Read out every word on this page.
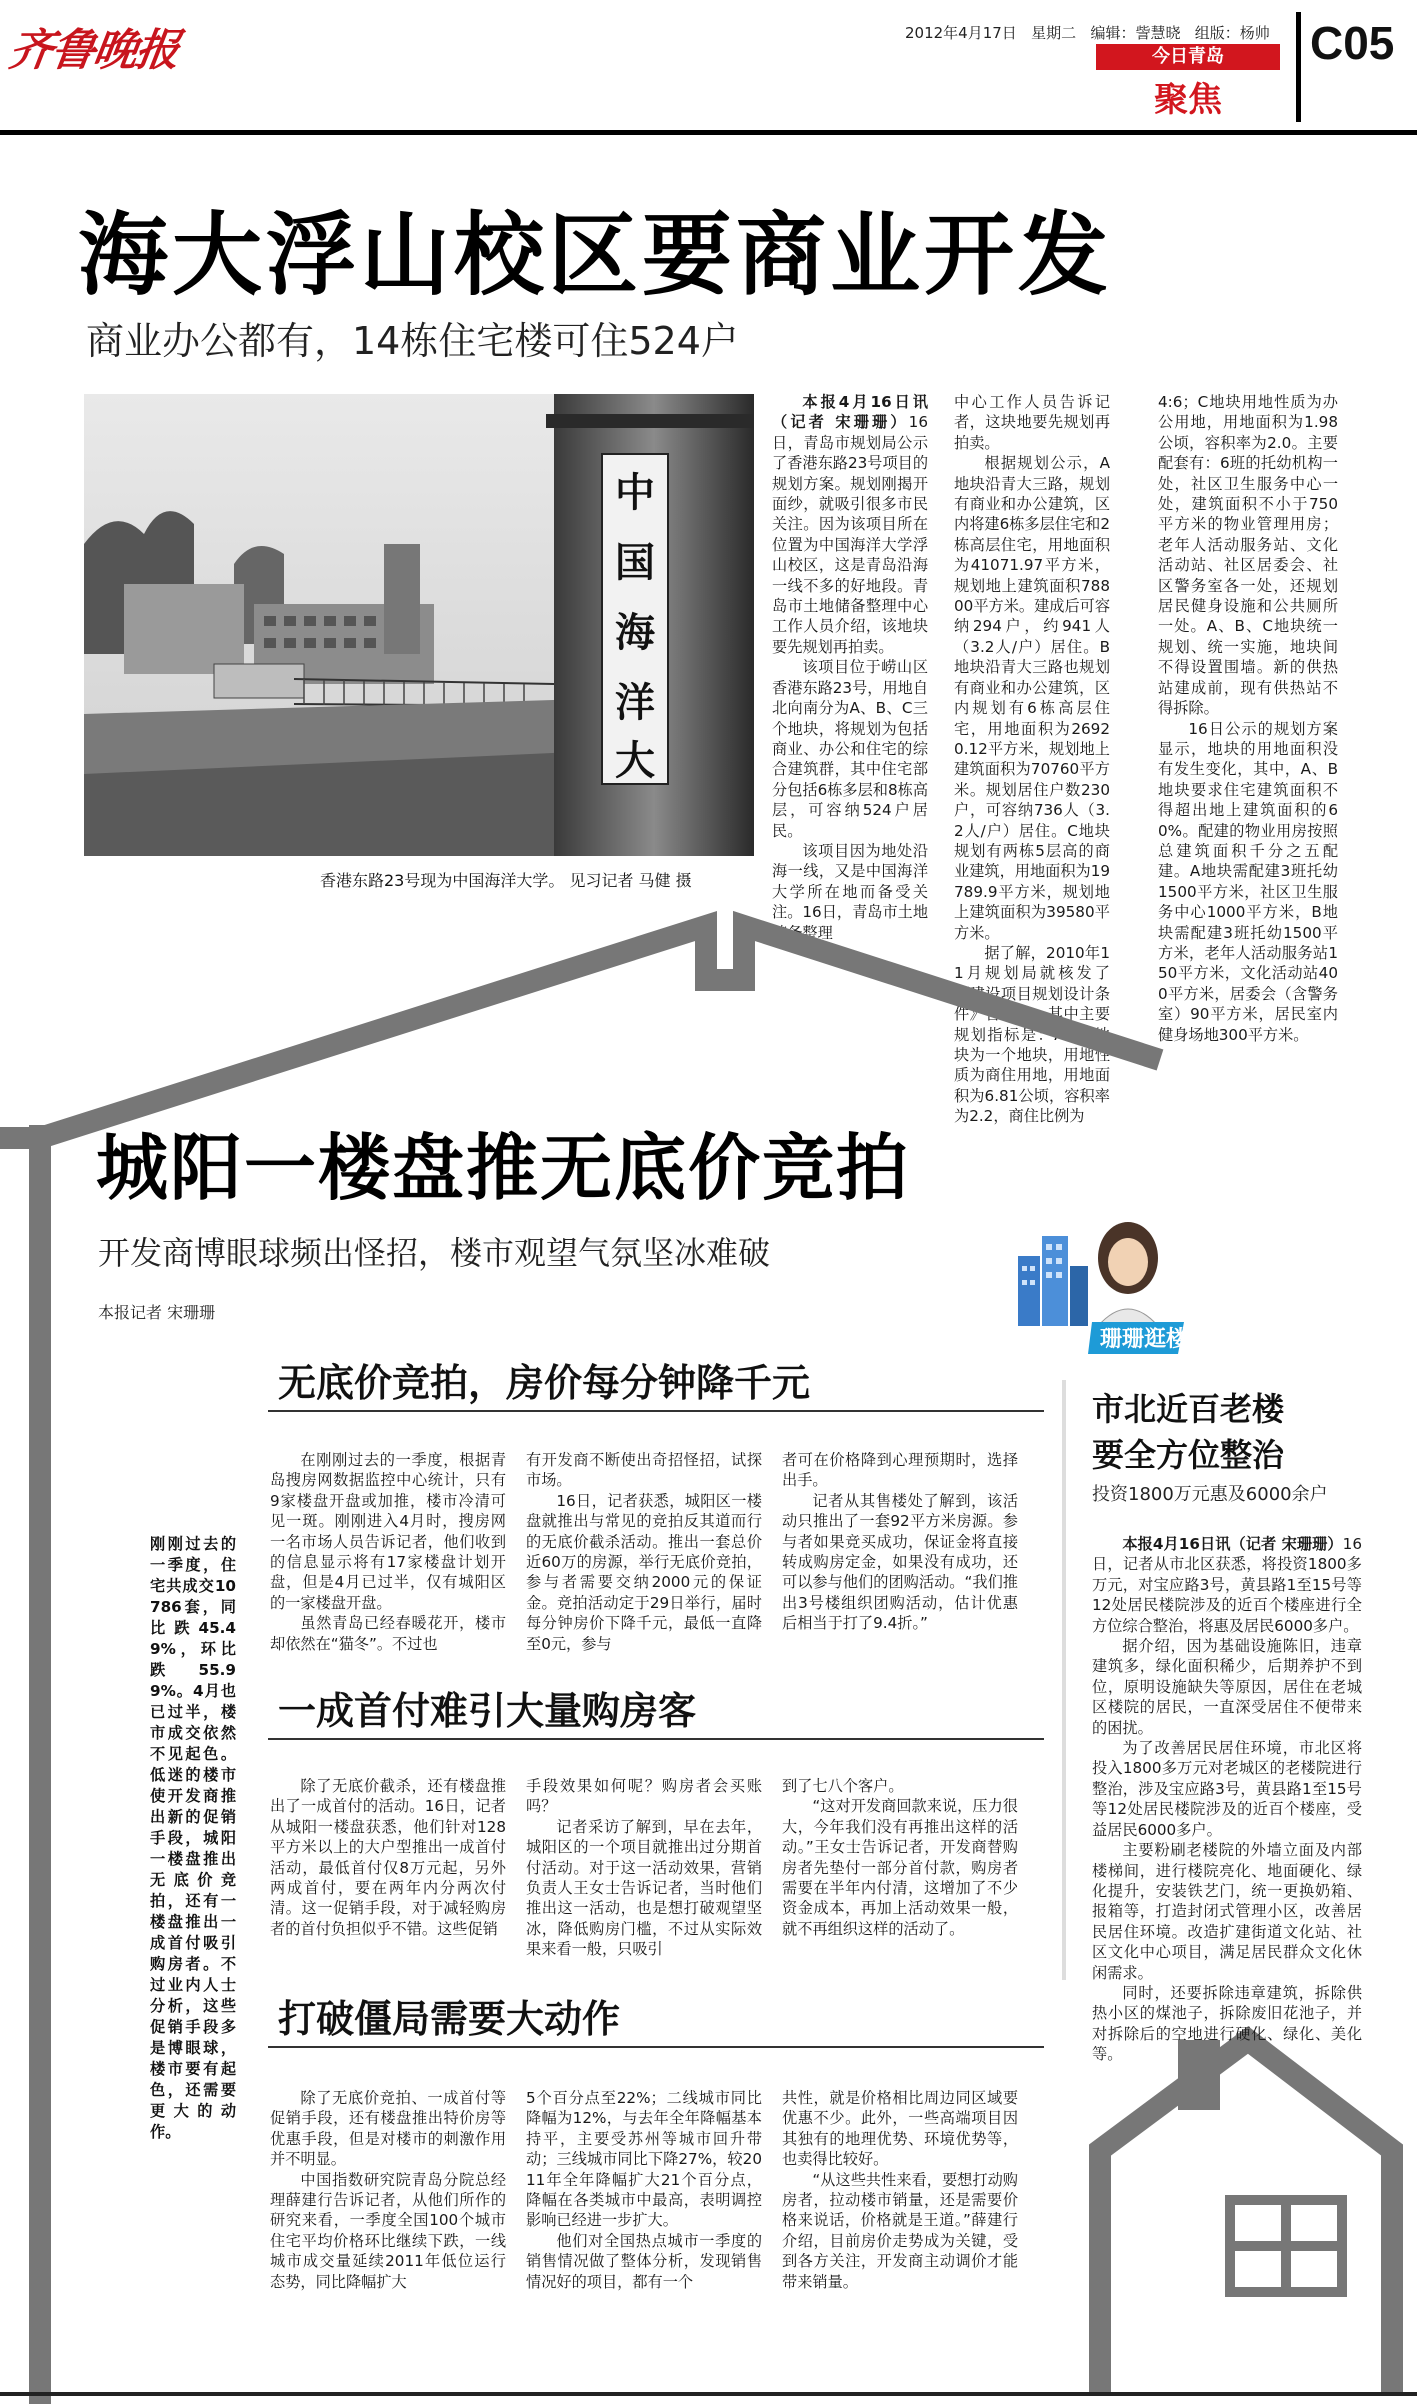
齐鲁晚报	2012年4月17日 星期二 编辑：訾慧晓 组版：杨帅
今日青岛
聚焦
C05
海大浮山校区要商业开发
商业办公都有，14栋住宅楼可住524户
中
国
海
洋
大
香港东路23号现为中国海洋大学。 见习记者 马健 摄

本报4月16日讯（记者 宋珊珊）16日，青岛市规划局公示了香港东路23号项目的规划方案。规划刚揭开面纱，就吸引很多市民关注。因为该项目所在位置为中国海洋大学浮山校区，这是青岛沿海一线不多的好地段。青岛市土地储备整理中心工作人员介绍，该地块要先规划再拍卖。

该项目位于崂山区香港东路23号，用地自北向南分为A、B、C三个地块，将规划为包括商业、办公和住宅的综合建筑群，其中住宅部分包括6栋多层和8栋高层，可容纳524户居民。

该项目因为地处沿海一线，又是中国海洋大学所在地而备受关注。16日，青岛市土地储备整理

中心工作人员告诉记者，这块地要先规划再拍卖。

根据规划公示，A地块沿青大三路，规划有商业和办公建筑，区内将建6栋多层住宅和2栋高层住宅，用地面积为41071.97平方米，规划地上建筑面积78800平方米。建成后可容纳294户，约941人（3.2人/户）居住。B地块沿青大三路也规划有商业和办公建筑，区内规划有6栋高层住宅，用地面积为26920.12平方米，规划地上建筑面积为70760平方米。规划居住户数230户，可容纳736人（3.2人/户）居住。C地块规划有两栋5层高的商业建筑，用地面积为19789.9平方米，规划地上建筑面积为39580平方米。

据了解，2010年11月规划局就核发了《建设项目规划设计条件》告知单。其中主要规划指标是：A、B地块为一个地块，用地性质为商住用地，用地面积为6.81公顷，容积率为2.2，商住比例为

4:6；C地块用地性质为办公用地，用地面积为1.98公顷，容积率为2.0。主要配套有：6班的托幼机构一处，社区卫生服务中心一处，建筑面积不小于750平方米的物业管理用房；老年人活动服务站、文化活动站、社区居委会、社区警务室各一处，还规划居民健身设施和公共厕所一处。A、B、C地块统一规划、统一实施，地块间不得设置围墙。新的供热站建成前，现有供热站不得拆除。

16日公示的规划方案显示，地块的用地面积没有发生变化，其中，A、B地块要求住宅建筑面积不得超出地上建筑面积的60%。配建的物业用房按照总建筑面积千分之五配建。A地块需配建3班托幼1500平方米，社区卫生服务中心1000平方米，B地块需配建3班托幼1500平方米，老年人活动服务站150平方米，文化活动站400平方米，居委会（含警务室）90平方米，居民室内健身场地300平方米。

城阳一楼盘推无底价竞拍
开发商博眼球频出怪招，楼市观望气氛坚冰难破
本报记者 宋珊珊
珊珊逛楼
刚刚过去的一季度，住宅共成交10786套，同比跌45.49%，环比跌55.99%。4月也已过半，楼市成交依然不见起色。低迷的楼市使开发商推出新的促销手段，城阳一楼盘推出无底价竞拍，还有一楼盘推出一成首付吸引购房者。不过业内人士分析，这些促销手段多是博眼球，楼市要有起色，还需要更大的动作。
无底价竞拍，房价每分钟降千元

在刚刚过去的一季度，根据青岛搜房网数据监控中心统计，只有9家楼盘开盘或加推，楼市冷清可见一斑。刚刚进入4月时，搜房网一名市场人员告诉记者，他们收到的信息显示将有17家楼盘计划开盘，但是4月已过半，仅有城阳区的一家楼盘开盘。

虽然青岛已经春暖花开，楼市却依然在“猫冬”。不过也

有开发商不断使出奇招怪招，试探市场。

16日，记者获悉，城阳区一楼盘就推出与常见的竞拍反其道而行的无底价截杀活动。推出一套总价近60万的房源，举行无底价竞拍，参与者需要交纳2000元的保证金。竞拍活动定于29日举行，届时每分钟房价下降千元，最低一直降至0元，参与

者可在价格降到心理预期时，选择出手。

记者从其售楼处了解到，该活动只推出了一套92平方米房源。参与者如果竞买成功，保证金将直接转成购房定金，如果没有成功，还可以参与他们的团购活动。“我们推出3号楼组织团购活动，估计优惠后相当于打了9.4折。”

一成首付难引大量购房客

除了无底价截杀，还有楼盘推出了一成首付的活动。16日，记者从城阳一楼盘获悉，他们针对128平方米以上的大户型推出一成首付活动，最低首付仅8万元起，另外两成首付，要在两年内分两次付清。这一促销手段，对于减轻购房者的首付负担似乎不错。这些促销

手段效果如何呢？购房者会买账吗？

记者采访了解到，早在去年，城阳区的一个项目就推出过分期首付活动。对于这一活动效果，营销负责人王女士告诉记者，当时他们推出这一活动，也是想打破观望坚冰，降低购房门槛，不过从实际效果来看一般，只吸引

到了七八个客户。

“这对开发商回款来说，压力很大，今年我们没有再推出这样的活动。”王女士告诉记者，开发商替购房者先垫付一部分首付款，购房者需要在半年内付清，这增加了不少资金成本，再加上活动效果一般，就不再组织这样的活动了。

打破僵局需要大动作

除了无底价竞拍、一成首付等促销手段，还有楼盘推出特价房等优惠手段，但是对楼市的刺激作用并不明显。

中国指数研究院青岛分院总经理薛建行告诉记者，从他们所作的研究来看，一季度全国100个城市住宅平均价格环比继续下跌，一线城市成交量延续2011年低位运行态势，同比降幅扩大

5个百分点至22%；二线城市同比降幅为12%，与去年全年降幅基本持平，主要受苏州等城市回升带动；三线城市同比下降27%，较2011年全年降幅扩大21个百分点，降幅在各类城市中最高，表明调控影响已经进一步扩大。

他们对全国热点城市一季度的销售情况做了整体分析，发现销售情况好的项目，都有一个

共性，就是价格相比周边同区域要优惠不少。此外，一些高端项目因其独有的地理优势、环境优势等，也卖得比较好。

“从这些共性来看，要想打动购房者，拉动楼市销量，还是需要价格来说话，价格就是王道。”薛建行介绍，目前房价走势成为关键，受到各方关注，开发商主动调价才能带来销量。

市北近百老楼
要全方位整治
投资1800万元惠及6000余户

本报4月16日讯（记者 宋珊珊）16日，记者从市北区获悉，将投资1800多万元，对宝应路3号，黄县路1至15号等12处居民楼院涉及的近百个楼座进行全方位综合整治，将惠及居民6000多户。

据介绍，因为基础设施陈旧，违章建筑多，绿化面积稀少，后期养护不到位，原明设施缺失等原因，居住在老城区楼院的居民，一直深受居住不便带来的困扰。

为了改善居民居住环境，市北区将投入1800多万元对老城区的老楼院进行整治，涉及宝应路3号，黄县路1至15号等12处居民楼院涉及的近百个楼座，受益居民6000多户。

主要粉刷老楼院的外墙立面及内部楼梯间，进行楼院亮化、地面硬化、绿化提升，安装铁艺门，统一更换奶箱、报箱等，打造封闭式管理小区，改善居民居住环境。改造扩建街道文化站、社区文化中心项目，满足居民群众文化休闲需求。

同时，还要拆除违章建筑，拆除供热小区的煤池子，拆除废旧花池子，并对拆除后的空地进行硬化、绿化、美化等。
